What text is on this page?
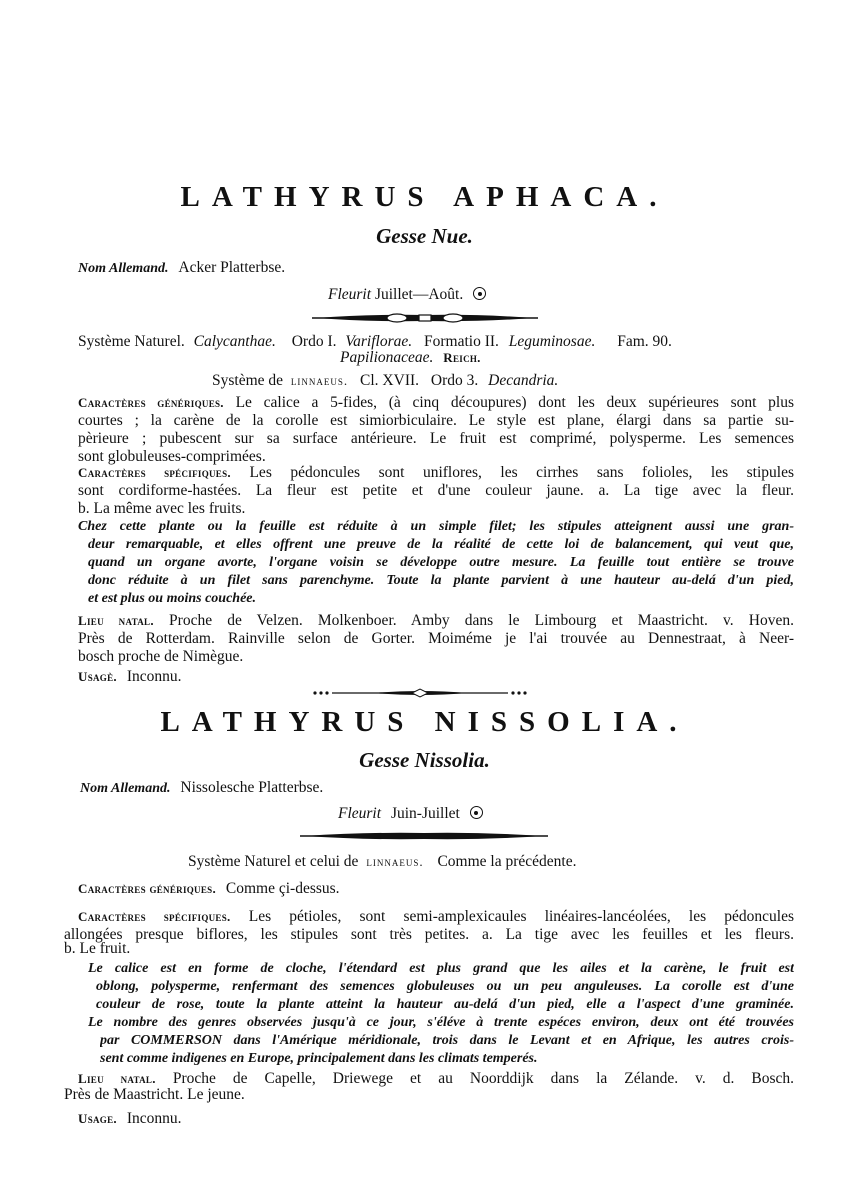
LATHYRUS APHACA.
Gesse Nue.
Nom Allemand. Acker Platterbse.
Fleurit Juillet—Août.
Système Naturel. Calycanthae. Ordo I. Variflorae. Formatio II. Leguminosae. Fam. 90.
Papilionaceae. Reich.
Système de linnaeus. Cl. XVII. Ordo 3. Decandria.
Caractères génériques. Le calice a 5-fides, (à cinq découpures) dont les deux supérieures sont plus
courtes ; la carène de la corolle est simiorbiculaire. Le style est plane, élargi dans sa partie su-
pèrieure ; pubescent sur sa surface antérieure. Le fruit est comprimé, polysperme. Les semences
sont globuleuses-comprimées.
Caractères spécifiques. Les pédoncules sont uniflores, les cirrhes sans folioles, les stipules
sont cordiforme-hastées. La fleur est petite et d'une couleur jaune. a. La tige avec la fleur.
b. La même avec les fruits.
Chez cette plante ou la feuille est réduite à un simple filet; les stipules atteignent aussi une gran-
deur remarquable, et elles offrent une preuve de la réalité de cette loi de balancement, qui veut que,
quand un organe avorte, l'organe voisin se développe outre mesure. La feuille tout entière se trouve
donc réduite à un filet sans parenchyme. Toute la plante parvient à une hauteur au-delá d'un pied,
et est plus ou moins couchée.
Lieu natal. Proche de Velzen. Molkenboer. Amby dans le Limbourg et Maastricht. v. Hoven.
Près de Rotterdam. Rainville selon de Gorter. Moiméme je l'ai trouvée au Dennestraat, à Neer-
bosch proche de Nimègue.
Usagè. Inconnu.
LATHYRUS NISSOLIA.
Gesse Nissolia.
Nom Allemand. Nissolesche Platterbse.
Fleurit Juin-Juillet
Système Naturel et celui de linnaeus. Comme la précédente.
Caractères génériques. Comme çi-dessus.
Caractères spécifiques. Les pétioles, sont semi-amplexicaules linéaires-lancéolées, les pédoncules
allongées presque biflores, les stipules sont très petites. a. La tige avec les feuilles et les fleurs.
b. Le fruit.
Le calice est en forme de cloche, l'étendard est plus grand que les ailes et la carène, le fruit est
oblong, polysperme, renfermant des semences globuleuses ou un peu anguleuses. La corolle est d'une
couleur de rose, toute la plante atteint la hauteur au-delá d'un pied, elle a l'aspect d'une graminée.
Le nombre des genres observées jusqu'à ce jour, s'éléve à trente espéces environ, deux ont été trouvées
par COMMERSON dans l'Amérique méridionale, trois dans le Levant et en Afrique, les autres crois-
sent comme indigenes en Europe, principalement dans les climats temperés.
Lieu natal. Proche de Capelle, Driewege et au Noorddijk dans la Zélande. v. d. Bosch.
Près de Maastricht. Le jeune.
Usage. Inconnu.
